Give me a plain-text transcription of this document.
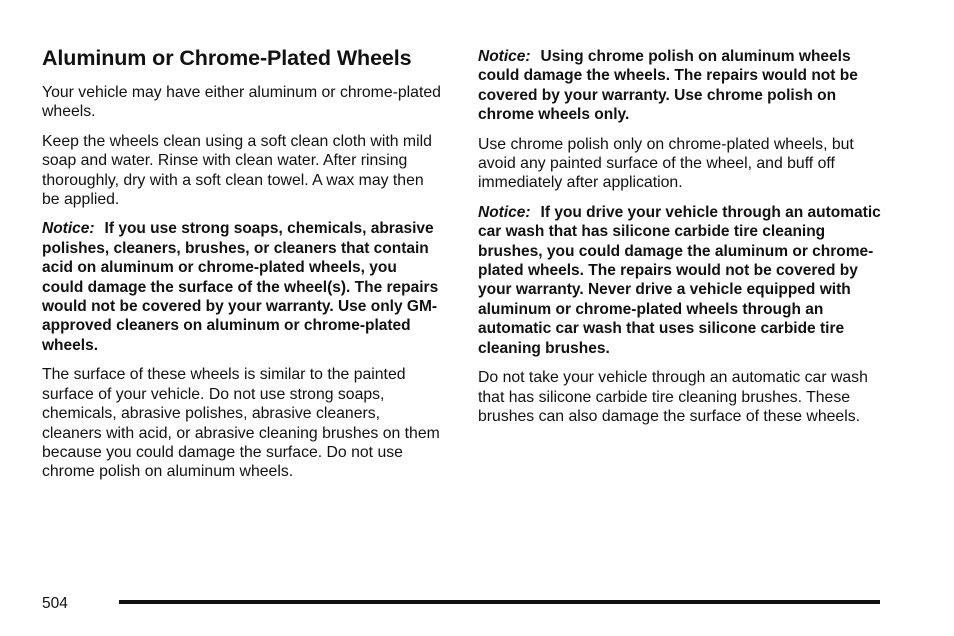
Aluminum or Chrome-Plated Wheels

Your vehicle may have either aluminum or chrome-plated wheels.

Keep the wheels clean using a soft clean cloth with mild soap and water. Rinse with clean water. After rinsing thoroughly, dry with a soft clean towel. A wax may then be applied.

Notice: If you use strong soaps, chemicals, abrasive polishes, cleaners, brushes, or cleaners that contain acid on aluminum or chrome-plated wheels, you could damage the surface of the wheel(s). The repairs would not be covered by your warranty. Use only GM-approved cleaners on aluminum or chrome-plated wheels.

The surface of these wheels is similar to the painted surface of your vehicle. Do not use strong soaps, chemicals, abrasive polishes, abrasive cleaners, cleaners with acid, or abrasive cleaning brushes on them because you could damage the surface. Do not use chrome polish on aluminum wheels.

Notice: Using chrome polish on aluminum wheels could damage the wheels. The repairs would not be covered by your warranty. Use chrome polish on chrome wheels only.

Use chrome polish only on chrome-plated wheels, but avoid any painted surface of the wheel, and buff off immediately after application.

Notice: If you drive your vehicle through an automatic car wash that has silicone carbide tire cleaning brushes, you could damage the aluminum or chrome-plated wheels. The repairs would not be covered by your warranty. Never drive a vehicle equipped with aluminum or chrome-plated wheels through an automatic car wash that uses silicone carbide tire cleaning brushes.

Do not take your vehicle through an automatic car wash that has silicone carbide tire cleaning brushes. These brushes can also damage the surface of these wheels.

504
